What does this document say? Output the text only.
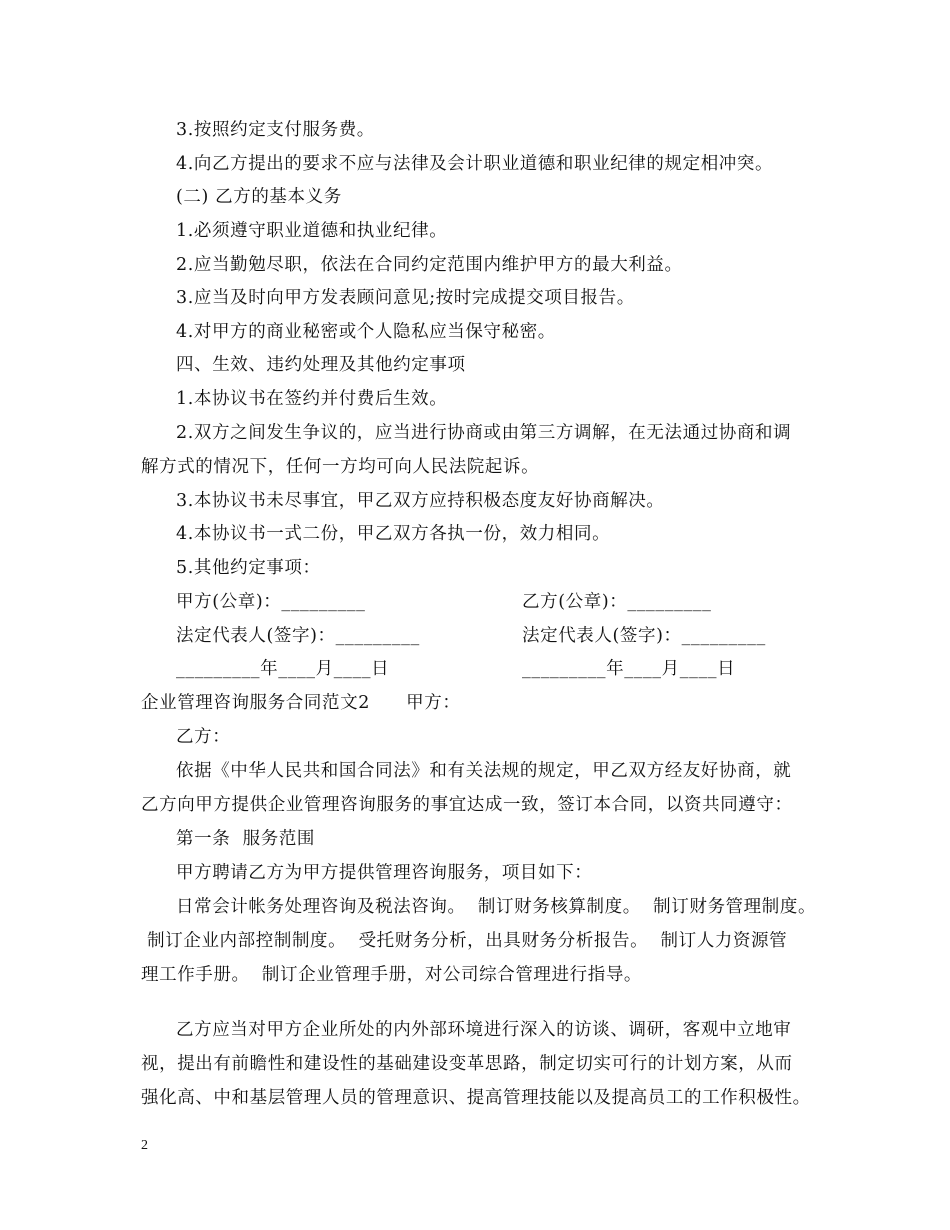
3.按照约定支付服务费。
4.向乙方提出的要求不应与法律及会计职业道德和职业纪律的规定相冲突。
(二) 乙方的基本义务
1.必须遵守职业道德和执业纪律。
2.应当勤勉尽职，依法在合同约定范围内维护甲方的最大利益。
3.应当及时向甲方发表顾问意见;按时完成提交项目报告。
4.对甲方的商业秘密或个人隐私应当保守秘密。
四、生效、违约处理及其他约定事项
1.本协议书在签约并付费后生效。
2.双方之间发生争议的，应当进行协商或由第三方调解，在无法通过协商和调
解方式的情况下，任何一方均可向人民法院起诉。
3.本协议书未尽事宜，甲乙双方应持积极态度友好协商解决。
4.本协议书一式二份，甲乙双方各执一份，效力相同。
5.其他约定事项：
甲方(公章)：_________	乙方(公章)：_________
法定代表人(签字)：_________	法定代表人(签字)：_________
_________年____月____日	_________年____月____日
企业管理咨询服务合同范文2　　甲方：
乙方：
依据《中华人民共和国合同法》和有关法规的规定，甲乙双方经友好协商，就
乙方向甲方提供企业管理咨询服务的事宜达成一致，签订本合同，以资共同遵守：
第一条  服务范围
甲方聘请乙方为甲方提供管理咨询服务，项目如下：
日常会计帐务处理咨询及税法咨询。  制订财务核算制度。  制订财务管理制度。
制订企业内部控制制度。  受托财务分析，出具财务分析报告。  制订人力资源管
理工作手册。  制订企业管理手册，对公司综合管理进行指导。
乙方应当对甲方企业所处的内外部环境进行深入的访谈、调研，客观中立地审
视，提出有前瞻性和建设性的基础建设变革思路，制定切实可行的计划方案，从而
强化高、中和基层管理人员的管理意识、提高管理技能以及提高员工的工作积极性。
2
